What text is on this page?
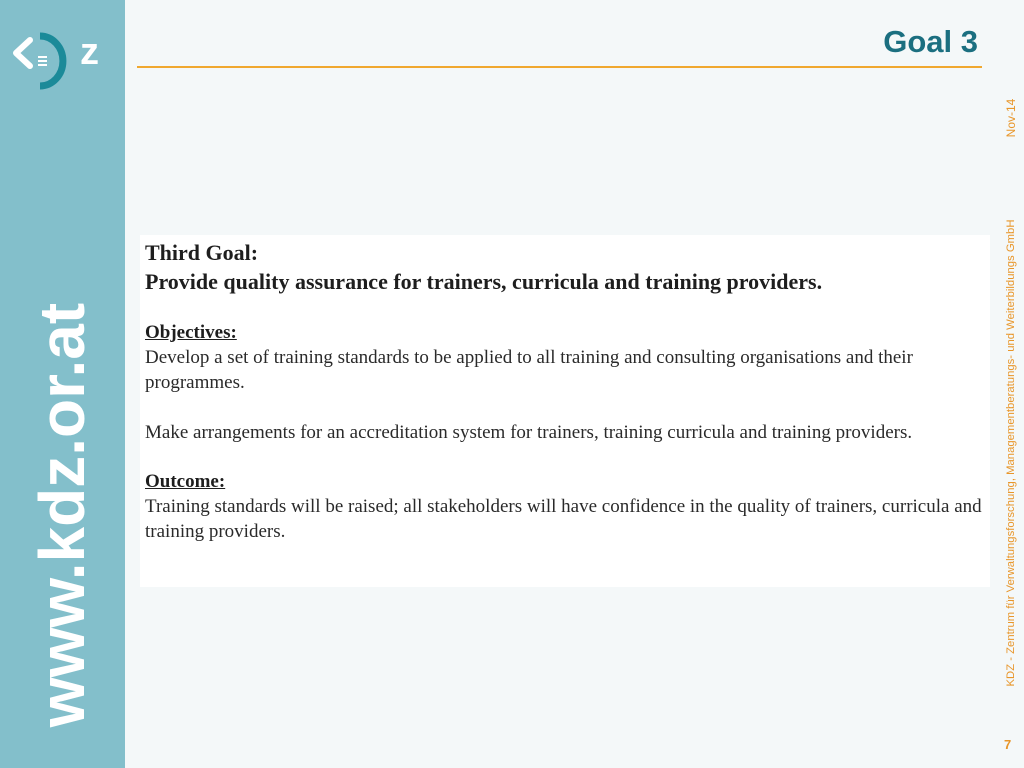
z
www.kdz.or.at
Goal 3
Nov-14
KDZ - Zentrum für Verwaltungsforschung, Managementberatungs- und Weiterbildungs GmbH
7

Third Goal:

Provide quality assurance for trainers, curricula and training providers.

Objectives:

Develop a set of training standards to be applied to all training and consulting organisations and their programmes.

Make arrangements for an accreditation system for trainers, training curricula and training providers.

Outcome:

Training standards will be raised; all stakeholders will have confidence in the quality of trainers, curricula and training providers.
